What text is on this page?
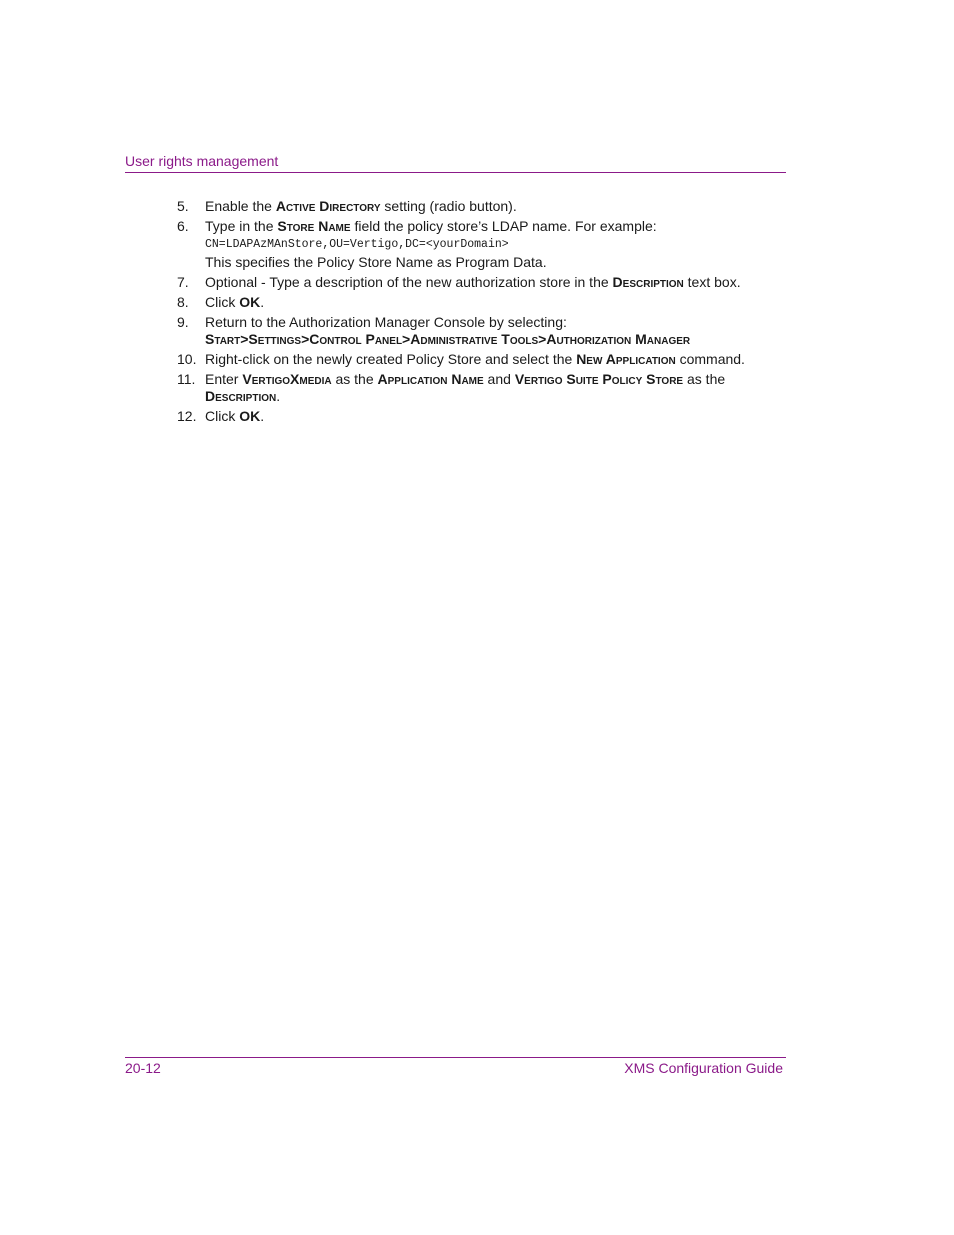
User rights management
5.	Enable the Active Directory setting (radio button).
6.	Type in the Store Name field the policy store’s LDAP name. For example:
CN=LDAPAzMAnStore,OU=Vertigo,DC=<yourDomain>
This specifies the Policy Store Name as Program Data.
7.	Optional - Type a description of the new authorization store in the Description text box.
8.	Click OK.
9.	Return to the Authorization Manager Console by selecting:
Start>Settings>Control Panel>Administrative Tools>Authorization Manager
10. Right-click on the newly created Policy Store and select the New Application command.
11. Enter VertigoXmedia as the Application Name and Vertigo Suite Policy Store as the Description.
12. Click OK.
20-12	XMS Configuration Guide
